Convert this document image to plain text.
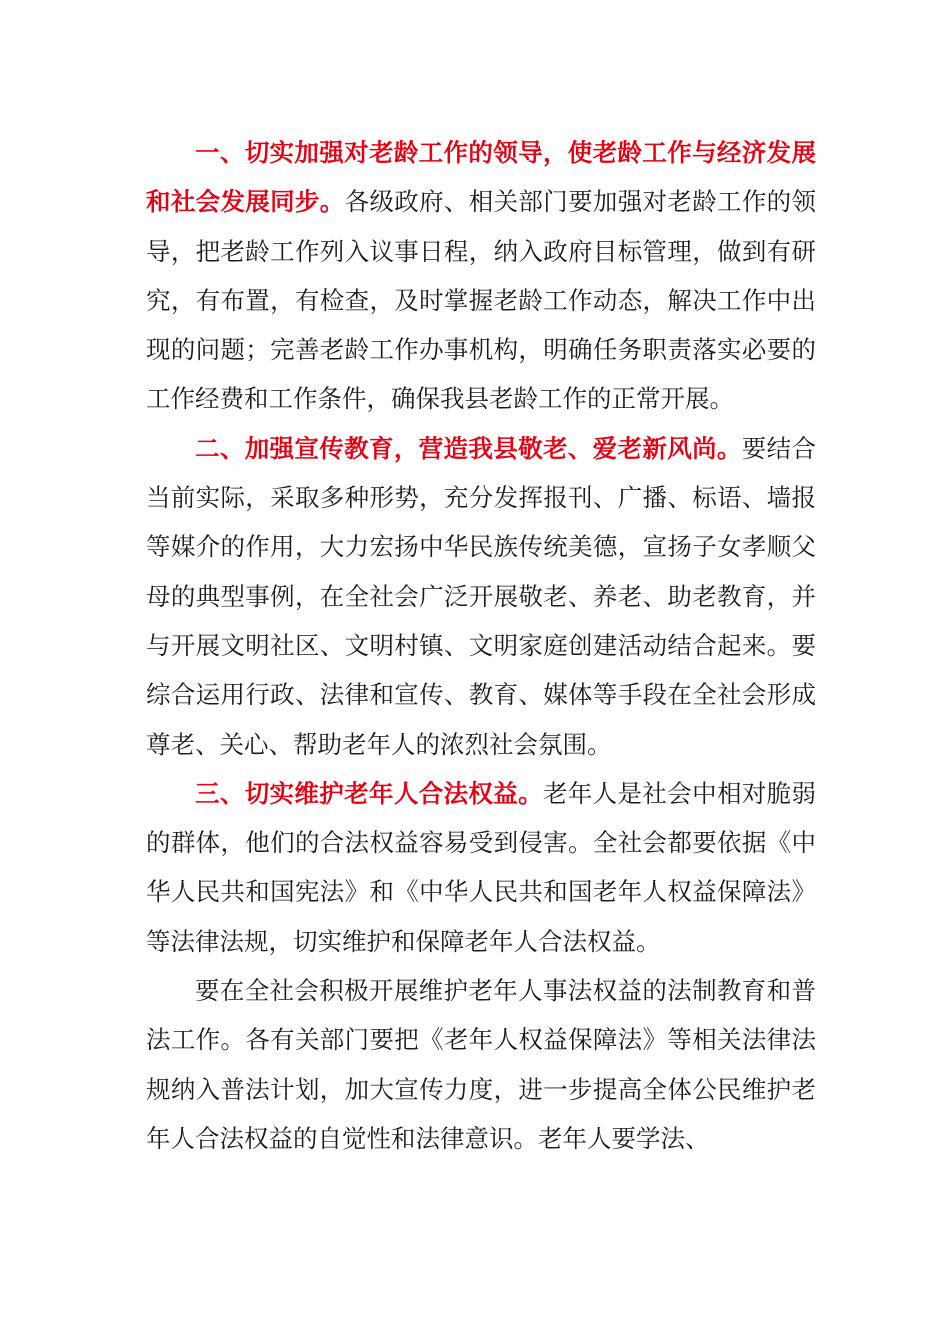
一、切实加强对老龄工作的领导，使老龄工作与经济发展和社会发展同步。各级政府、相关部门要加强对老龄工作的领导，把老龄工作列入议事日程，纳入政府目标管理，做到有研究，有布置，有检查，及时掌握老龄工作动态，解决工作中出现的问题；完善老龄工作办事机构，明确任务职责落实必要的工作经费和工作条件，确保我县老龄工作的正常开展。

二、加强宣传教育，营造我县敬老、爱老新风尚。要结合当前实际，采取多种形势，充分发挥报刊、广播、标语、墙报等媒介的作用，大力宏扬中华民族传统美德，宣扬子女孝顺父母的典型事例，在全社会广泛开展敬老、养老、助老教育，并与开展文明社区、文明村镇、文明家庭创建活动结合起来。要综合运用行政、法律和宣传、教育、媒体等手段在全社会形成尊老、关心、帮助老年人的浓烈社会氛围。

三、切实维护老年人合法权益。老年人是社会中相对脆弱的群体，他们的合法权益容易受到侵害。全社会都要依据《中华人民共和国宪法》和《中华人民共和国老年人权益保障法》等法律法规，切实维护和保障老年人合法权益。

要在全社会积极开展维护老年人事法权益的法制教育和普法工作。各有关部门要把《老年人权益保障法》等相关法律法规纳入普法计划，加大宣传力度，进一步提高全体公民维护老年人合法权益的自觉性和法律意识。老年人要学法、
